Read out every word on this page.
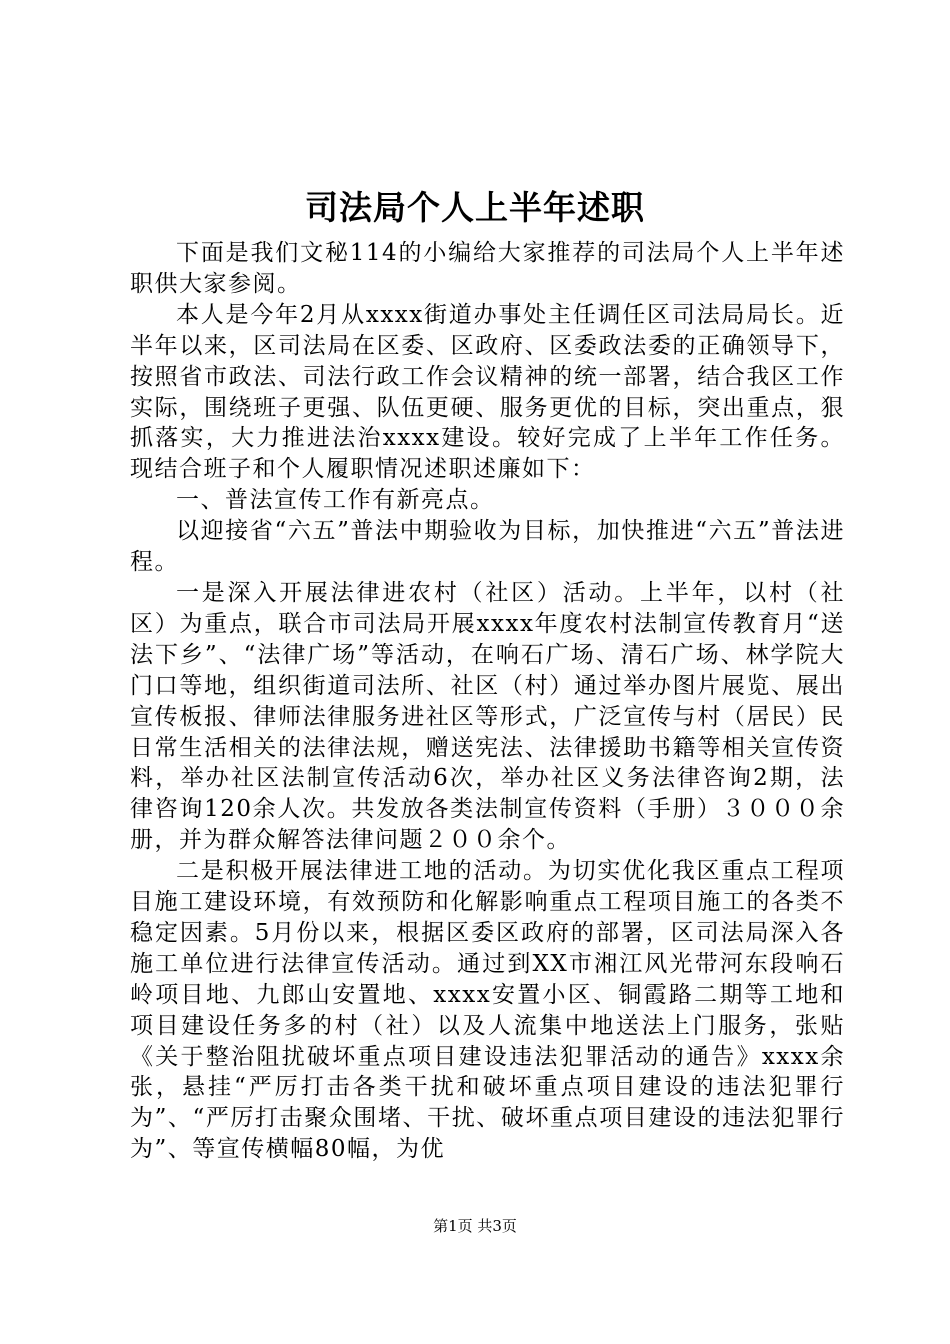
司法局个人上半年述职

下面是我们文秘114的小编给大家推荐的司法局个人上半年述职供大家参阅。

本人是今年2月从xxxx街道办事处主任调任区司法局局长。近半年以来，区司法局在区委、区政府、区委政法委的正确领导下，按照省市政法、司法行政工作会议精神的统一部署，结合我区工作实际，围绕班子更强、队伍更硬、服务更优的目标，突出重点，狠抓落实，大力推进法治xxxx建设。较好完成了上半年工作任务。现结合班子和个人履职情况述职述廉如下：

一、普法宣传工作有新亮点。

以迎接省“六五”普法中期验收为目标，加快推进“六五”普法进程。

一是深入开展法律进农村（社区）活动。上半年，以村（社区）为重点，联合市司法局开展xxxx年度农村法制宣传教育月“送法下乡”、“法律广场”等活动，在响石广场、清石广场、林学院大门口等地，组织街道司法所、社区（村）通过举办图片展览、展出宣传板报、律师法律服务进社区等形式，广泛宣传与村（居民）民日常生活相关的法律法规，赠送宪法、法律援助书籍等相关宣传资料，举办社区法制宣传活动6次，举办社区义务法律咨询2期，法律咨询120余人次。共发放各类法制宣传资料（手册）３０００余册，并为群众解答法律问题２００余个。

二是积极开展法律进工地的活动。为切实优化我区重点工程项目施工建设环境，有效预防和化解影响重点工程项目施工的各类不稳定因素。5月份以来，根据区委区政府的部署，区司法局深入各施工单位进行法律宣传活动。通过到XX市湘江风光带河东段响石岭项目地、九郎山安置地、xxxx安置小区、铜霞路二期等工地和项目建设任务多的村（社）以及人流集中地送法上门服务，张贴《关于整治阻扰破坏重点项目建设违法犯罪活动的通告》xxxx余张，悬挂“严厉打击各类干扰和破坏重点项目建设的违法犯罪行为”、“严厉打击聚众围堵、干扰、破坏重点项目建设的违法犯罪行为”、等宣传横幅80幅，为优

第1页 共3页
